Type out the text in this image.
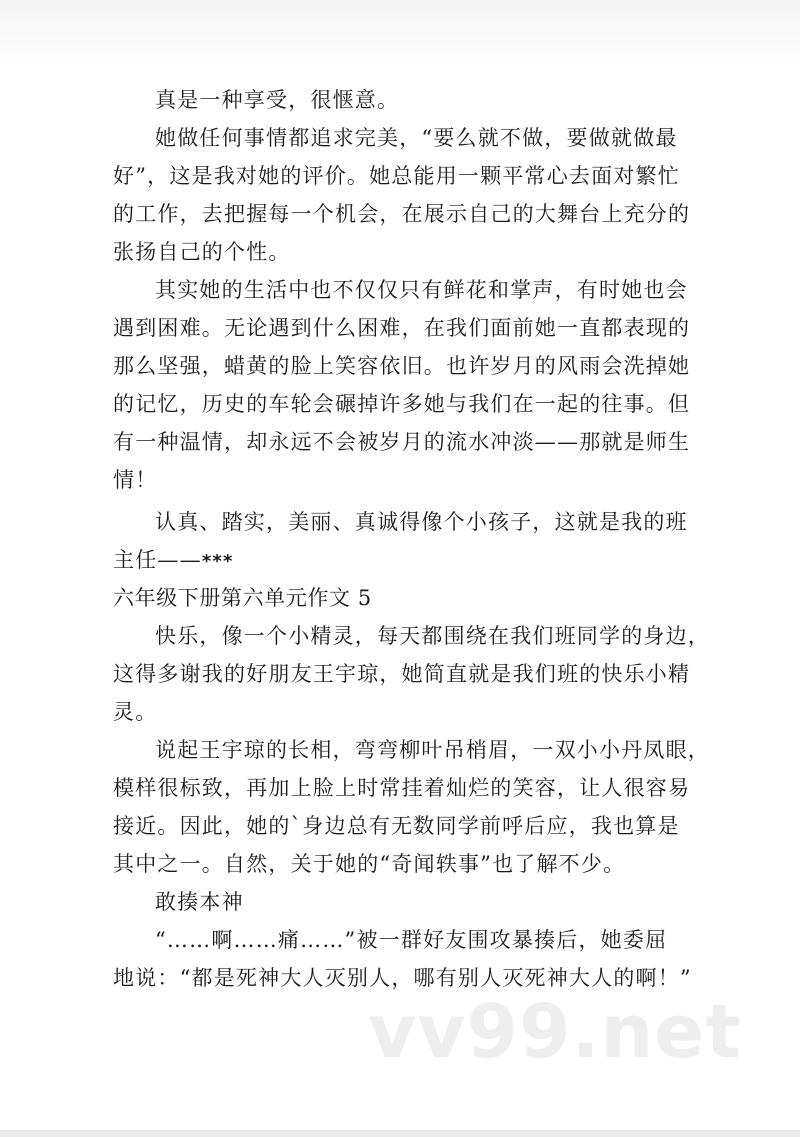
真是一种享受，很惬意。
她做任何事情都追求完美，“要么就不做，要做就做最
好”，这是我对她的评价。她总能用一颗平常心去面对繁忙
的工作，去把握每一个机会，在展示自己的大舞台上充分的
张扬自己的个性。
其实她的生活中也不仅仅只有鲜花和掌声，有时她也会
遇到困难。无论遇到什么困难，在我们面前她一直都表现的
那么坚强，蜡黄的脸上笑容依旧。也许岁月的风雨会洗掉她
的记忆，历史的车轮会碾掉许多她与我们在一起的往事。但
有一种温情，却永远不会被岁月的流水冲淡——那就是师生
情！
认真、踏实，美丽、真诚得像个小孩子，这就是我的班
主任——***
六年级下册第六单元作文 5
快乐，像一个小精灵，每天都围绕在我们班同学的身边，
这得多谢我的好朋友王宇琼，她简直就是我们班的快乐小精
灵。
说起王宇琼的长相，弯弯柳叶吊梢眉，一双小小丹凤眼，
模样很标致，再加上脸上时常挂着灿烂的笑容，让人很容易
接近。因此，她的`身边总有无数同学前呼后应，我也算是
其中之一。自然，关于她的“奇闻轶事”也了解不少。
敢揍本神
“……啊……痛……”被一群好友围攻暴揍后，她委屈
地说：“都是死神大人灭别人，哪有别人灭死神大人的啊！”
vv99.net
